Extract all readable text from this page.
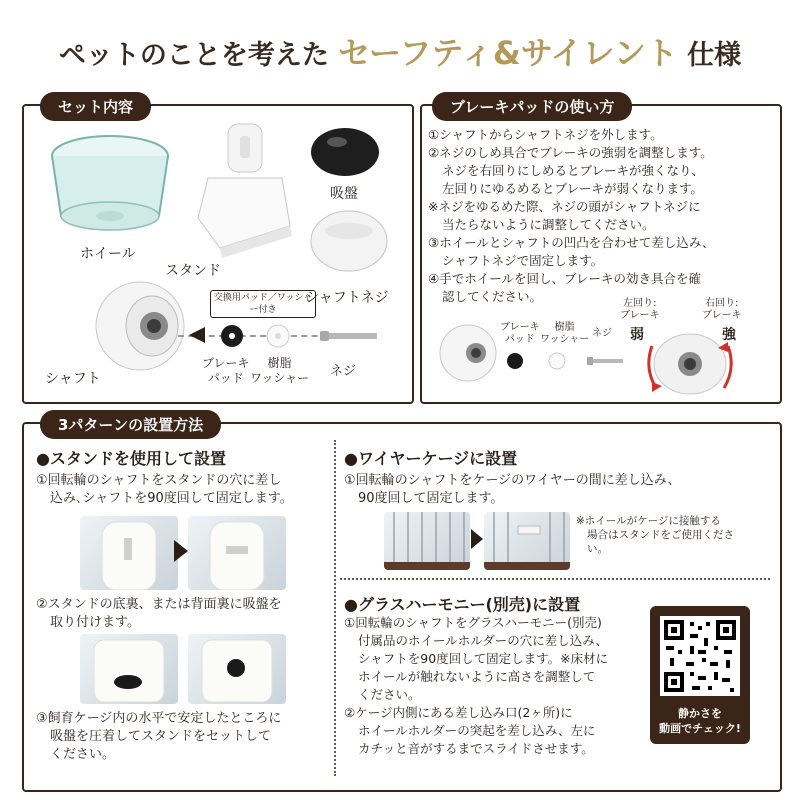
ペットのことを考えた セーフティ&サイレント 仕様
セット内容
ホイール
スタンド
吸盤
シャフトネジ
シャフト
交換用パッド／ワッシャー付き
ブレーキ
パッド
樹脂
ワッシャー ネジ
ブレーキパッドの使い方
①シャフトからシャフトネジを外します。
②ネジのしめ具合でブレーキの強弱を調整します。
ネジを右回りにしめるとブレーキが強くなり、
左回りにゆるめるとブレーキが弱くなります。
※ネジをゆるめた際、ネジの頭がシャフトネジに
当たらないように調整してください。
③ホイールとシャフトの凹凸を合わせて差し込み、
シャフトネジで固定します。
④手でホイールを回し、ブレーキの効き具合を確
認してください。
ブレーキ
パッド
樹脂
ワッシャー
ネジ
左回り:
ブレーキ
弱
右回り:
ブレーキ
強
3パターンの設置方法
●スタンドを使用して設置
①回転輪のシャフトをスタンドの穴に差し
込み､シャフトを90度回して固定します。
②スタンドの底裏、または背面裏に吸盤を
取り付けます。
③飼育ケージ内の水平で安定したところに
吸盤を圧着してスタンドをセットして
ください。
●ワイヤーケージに設置
①回転輪のシャフトをケージのワイヤーの間に差し込み、
90度回して固定します。
※ホイールがケージに接触する
場合はスタンドをご使用くださ
い。
●グラスハーモニー(別売)に設置
①回転輪のシャフトをグラスハーモニー(別売)
付属品のホイールホルダーの穴に差し込み、
シャフトを90度回して固定します。※床材に
ホイールが触れないように高さを調整して
ください。
②ケージ内側にある差し込み口(2ヶ所)に
ホイールホルダーの突起を差し込み、左に
カチッと音がするまでスライドさせます。
静かさを
動画でチェック!
